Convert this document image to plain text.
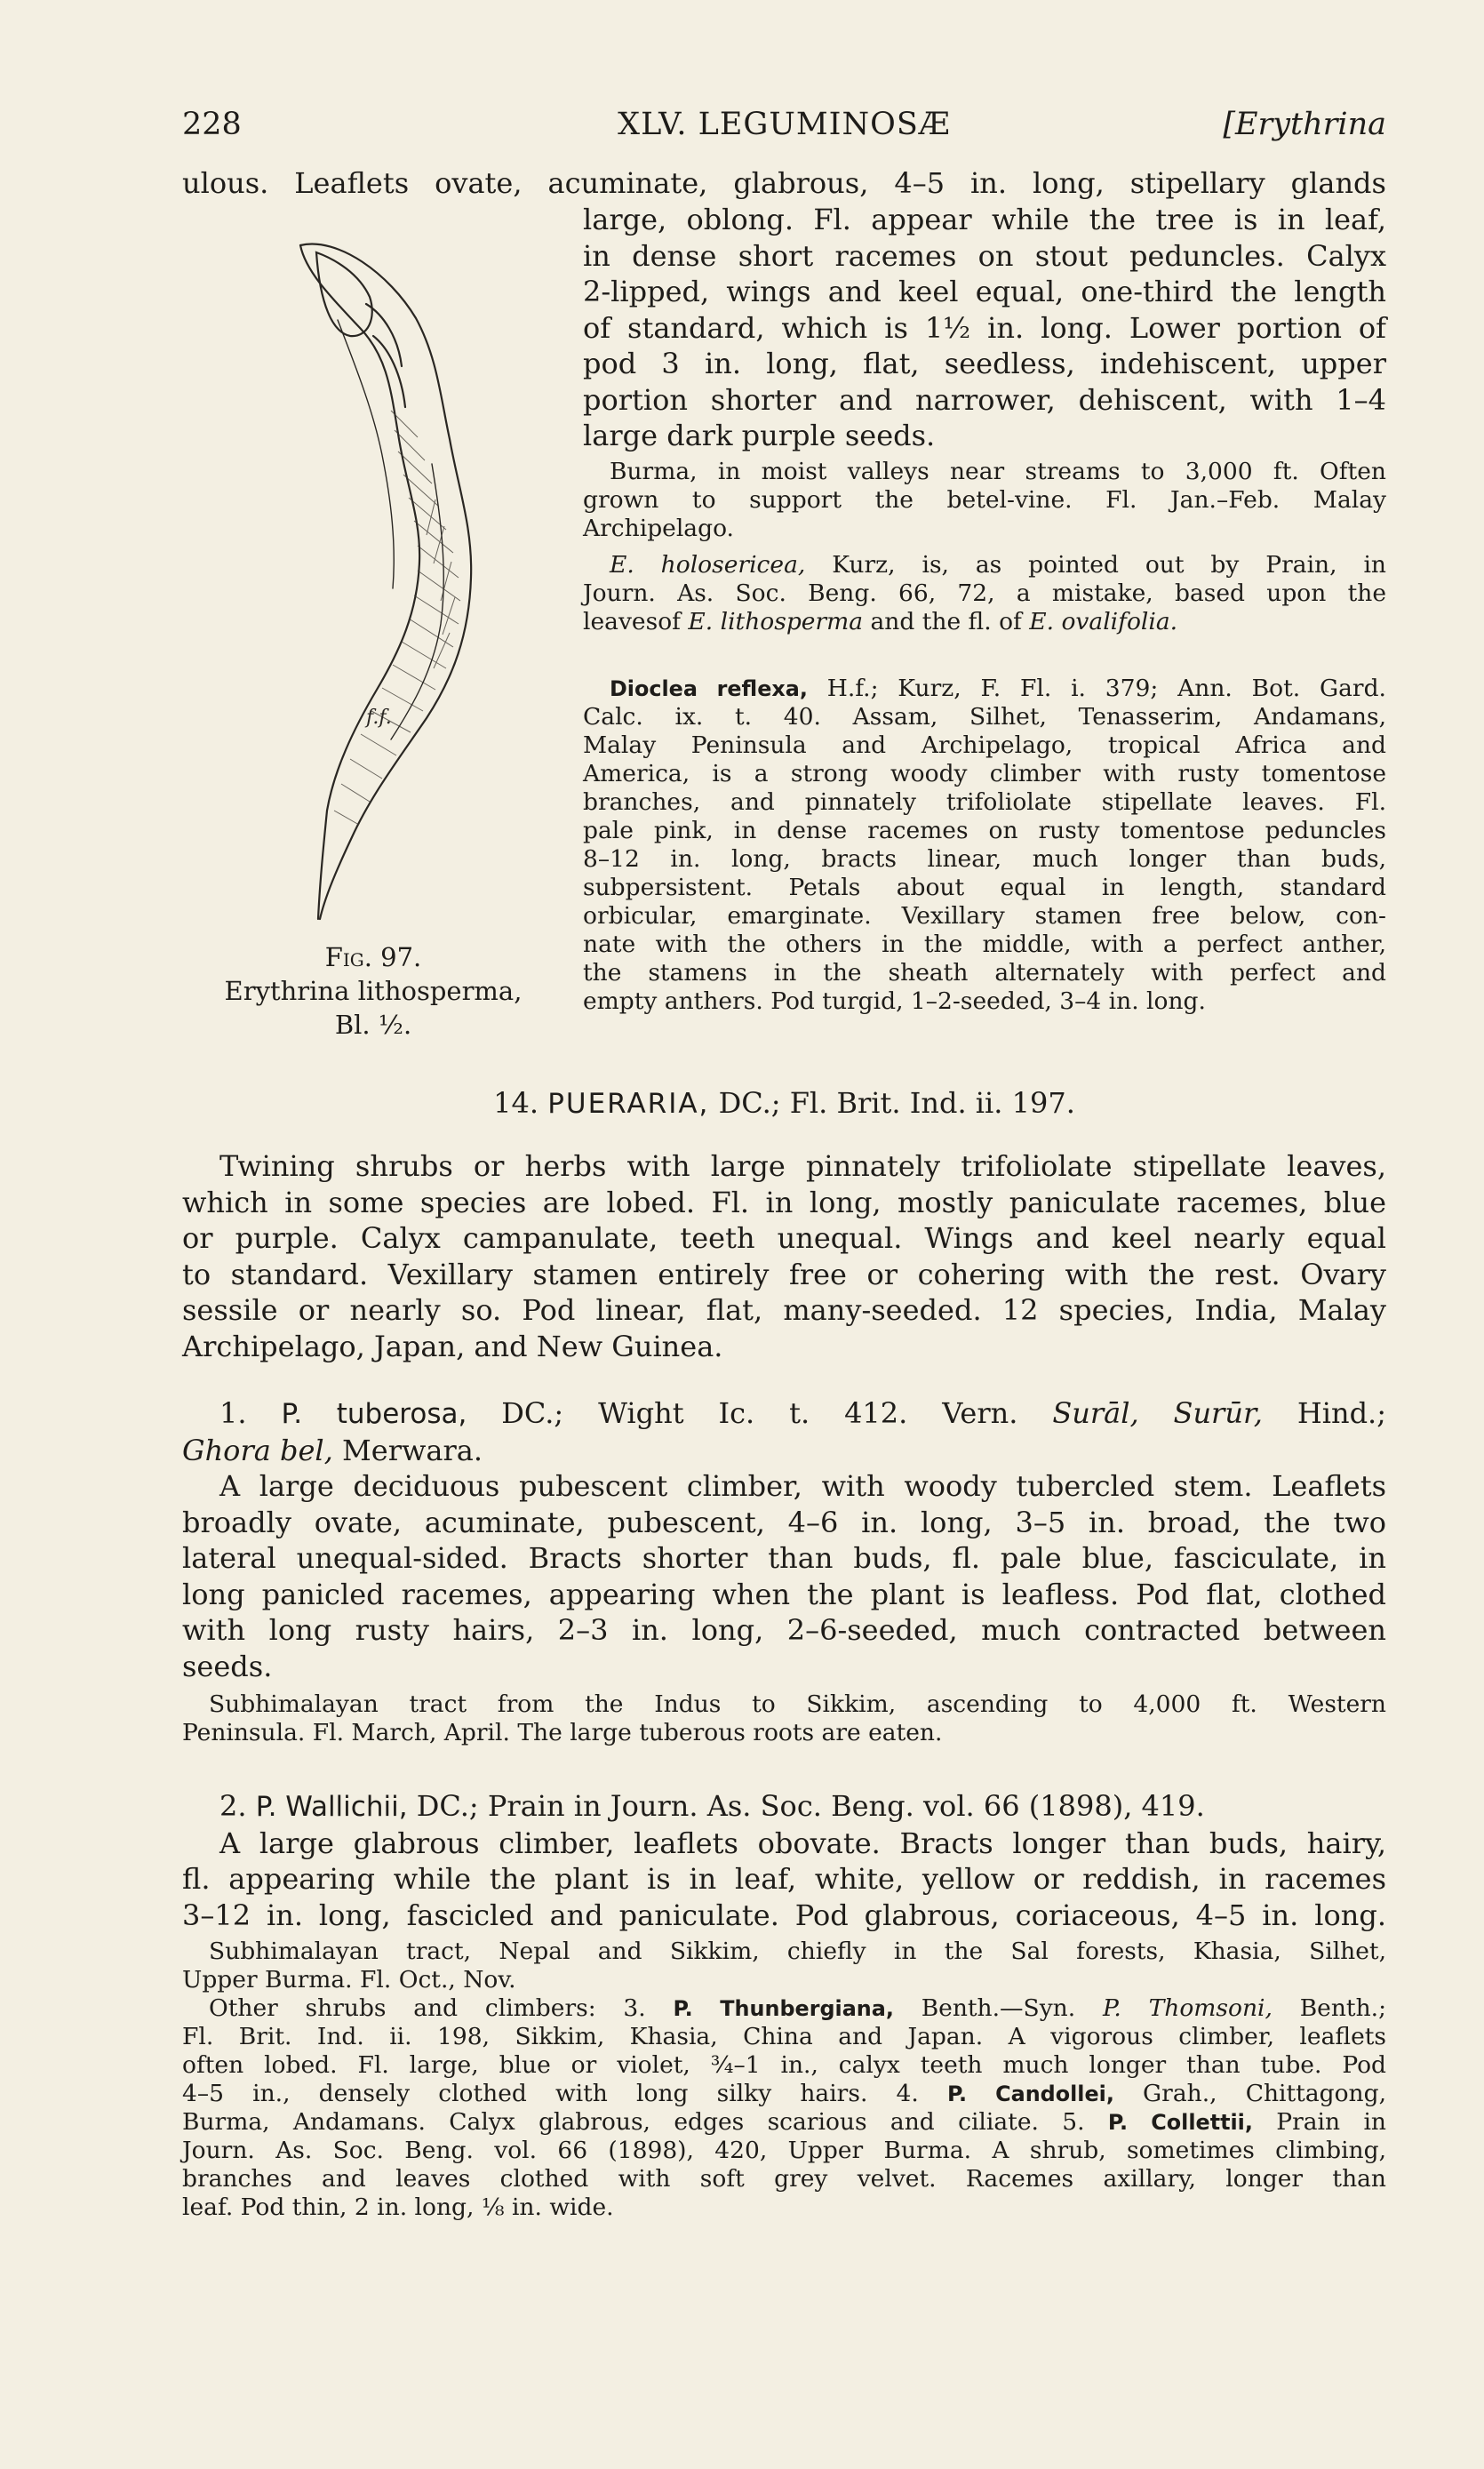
228	XLV. LEGUMINOSÆ	[Erythrina
ulous. Leaflets ovate, acuminate, glabrous, 4–5 in. long, stipellary glands
large, oblong. Fl. appear while the tree is in leaf,
in dense short racemes on stout peduncles. Calyx
2-lipped, wings and keel equal, one-third the length
of standard, which is 1½ in. long. Lower portion of
pod 3 in. long, flat, seedless, indehiscent, upper
portion shorter and narrower, dehiscent, with 1–4
large dark purple seeds.
Burma, in moist valleys near streams to 3,000 ft. Often
grown to support the betel-vine. Fl. Jan.–Feb. Malay
Archipelago.
E. holosericea, Kurz, is, as pointed out by Prain, in
Journ. As. Soc. Beng. 66, 72, a mistake, based upon the
leavesof E. lithosperma and the fl. of E. ovalifolia.
Dioclea reflexa, H.f.; Kurz, F. Fl. i. 379; Ann. Bot. Gard.
Calc. ix. t. 40. Assam, Silhet, Tenasserim, Andamans,
Malay Peninsula and Archipelago, tropical Africa and
America, is a strong woody climber with rusty tomentose
branches, and pinnately trifoliolate stipellate leaves. Fl.
pale pink, in dense racemes on rusty tomentose peduncles
8–12 in. long, bracts linear, much longer than buds,
subpersistent. Petals about equal in length, standard
orbicular, emarginate. Vexillary stamen free below, con-
nate with the others in the middle, with a perfect anther,
the stamens in the sheath alternately with perfect and
empty anthers. Pod turgid, 1–2-seeded, 3–4 in. long.
f.f.
Fig. 97.
Erythrina lithosperma,
Bl. ½.
14. PUERARIA, DC.; Fl. Brit. Ind. ii. 197.
Twining shrubs or herbs with large pinnately trifoliolate stipellate leaves,
which in some species are lobed. Fl. in long, mostly paniculate racemes, blue
or purple. Calyx campanulate, teeth unequal. Wings and keel nearly equal
to standard. Vexillary stamen entirely free or cohering with the rest. Ovary
sessile or nearly so. Pod linear, flat, many-seeded. 12 species, India, Malay
Archipelago, Japan, and New Guinea.
1. P. tuberosa, DC.; Wight Ic. t. 412. Vern. Surāl, Surūr, Hind.;
Ghora bel, Merwara.
A large deciduous pubescent climber, with woody tubercled stem. Leaflets
broadly ovate, acuminate, pubescent, 4–6 in. long, 3–5 in. broad, the two
lateral unequal-sided. Bracts shorter than buds, fl. pale blue, fasciculate, in
long panicled racemes, appearing when the plant is leafless. Pod flat, clothed
with long rusty hairs, 2–3 in. long, 2–6-seeded, much contracted between
seeds.
Subhimalayan tract from the Indus to Sikkim, ascending to 4,000 ft. Western
Peninsula. Fl. March, April. The large tuberous roots are eaten.
2. P. Wallichii, DC.; Prain in Journ. As. Soc. Beng. vol. 66 (1898), 419.
A large glabrous climber, leaflets obovate. Bracts longer than buds, hairy,
fl. appearing while the plant is in leaf, white, yellow or reddish, in racemes
3–12 in. long, fascicled and paniculate. Pod glabrous, coriaceous, 4–5 in. long.
Subhimalayan tract, Nepal and Sikkim, chiefly in the Sal forests, Khasia, Silhet,
Upper Burma. Fl. Oct., Nov.
Other shrubs and climbers: 3. P. Thunbergiana, Benth.—Syn. P. Thomsoni, Benth.;
Fl. Brit. Ind. ii. 198, Sikkim, Khasia, China and Japan. A vigorous climber, leaflets
often lobed. Fl. large, blue or violet, ¾–1 in., calyx teeth much longer than tube. Pod
4–5 in., densely clothed with long silky hairs. 4. P. Candollei, Grah., Chittagong,
Burma, Andamans. Calyx glabrous, edges scarious and ciliate. 5. P. Collettii, Prain in
Journ. As. Soc. Beng. vol. 66 (1898), 420, Upper Burma. A shrub, sometimes climbing,
branches and leaves clothed with soft grey velvet. Racemes axillary, longer than
leaf. Pod thin, 2 in. long, ⅛ in. wide.
